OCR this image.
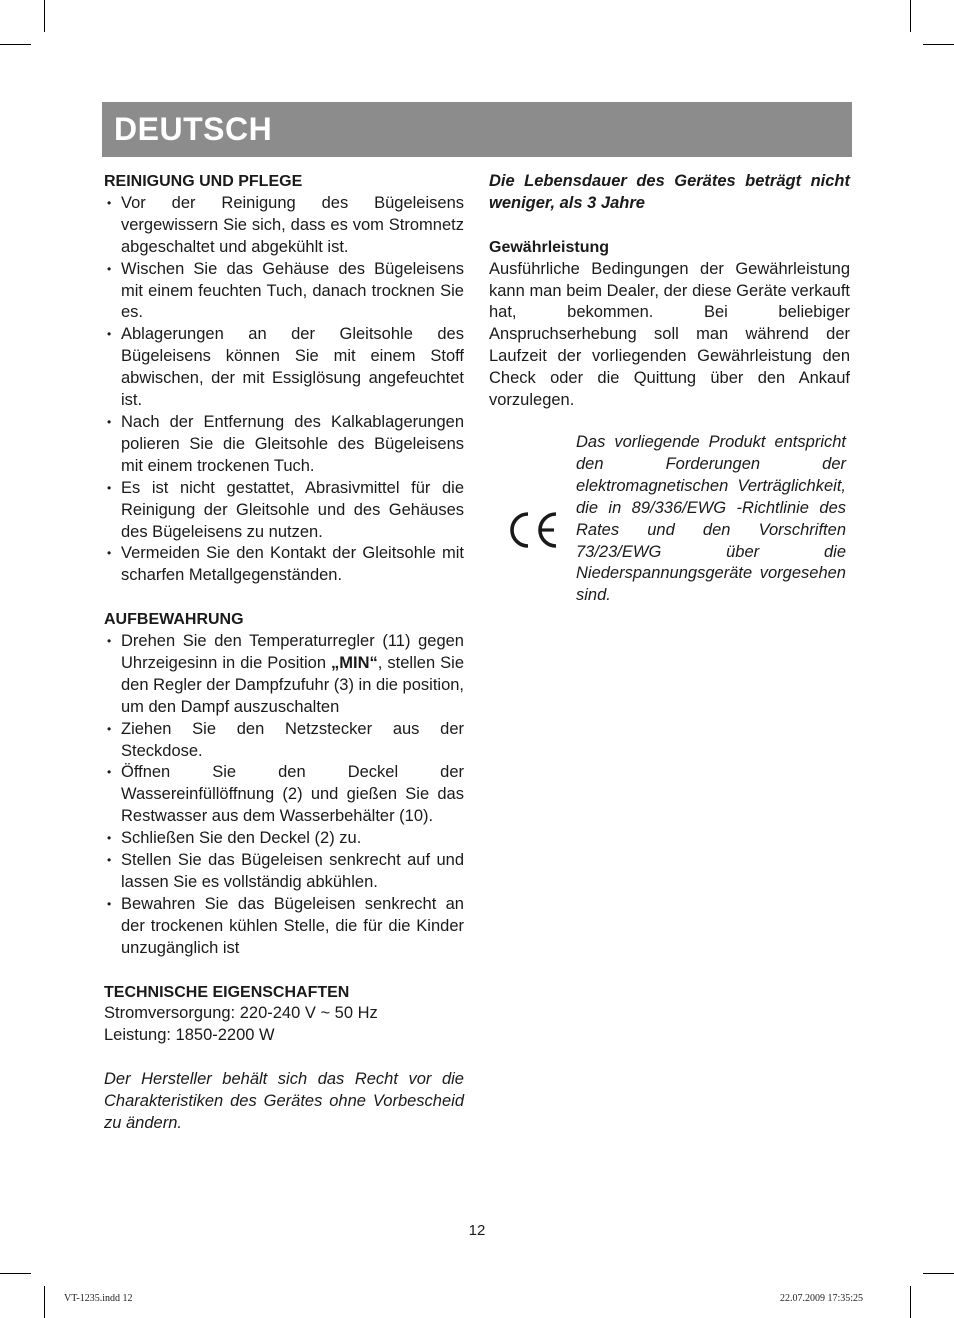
DEUTSCH
REINIGUNG UND PFLEGE
• Vor der Reinigung des Bügeleisens vergewissern Sie sich, dass es vom Stromnetz abgeschaltet und abgekühlt ist.
• Wischen Sie das Gehäuse des Bügeleisens mit einem feuchten Tuch, danach trocknen Sie es.
• Ablagerungen an der Gleitsohle des Bügeleisens können Sie mit einem Stoff abwischen, der mit Essiglösung angefeuchtet ist.
• Nach der Entfernung des Kalkablagerungen polieren Sie die Gleitsohle des Bügeleisens mit einem trockenen Tuch.
• Es ist nicht gestattet, Abrasivmittel für die Reinigung der Gleitsohle und des Gehäuses des Bügeleisens zu nutzen.
• Vermeiden Sie den Kontakt der Gleitsohle mit scharfen Metallgegenständen.
AUFBEWAHRUNG
• Drehen Sie den Temperaturregler (11) gegen Uhrzeigesinn in die Position „MIN“, stellen Sie den Regler der Dampfzufuhr (3) in die position, um den Dampf auszuschalten
• Ziehen Sie den Netzstecker aus der Steckdose.
• Öffnen Sie den Deckel der Wassereinfüllöffnung (2) und gießen Sie das Restwasser aus dem Wasserbehälter (10).
• Schließen Sie den Deckel (2) zu.
• Stellen Sie das Bügeleisen senkrecht auf und lassen Sie es vollständig abkühlen.
• Bewahren Sie das Bügeleisen senkrecht an der trockenen kühlen Stelle, die für die Kinder unzugänglich ist
TECHNISCHE EIGENSCHAFTEN

Stromversorgung: 220-240 V ~ 50 Hz

Leistung: 1850-2200 W

Der Hersteller behält sich das Recht vor die Charakteristiken des Gerätes ohne Vorbescheid zu ändern.

Die Lebensdauer des Gerätes beträgt nicht weniger, als 3 Jahre

Gewährleistung

Ausführliche Bedingungen der Gewährleistung kann man beim Dealer, der diese Geräte verkauft hat, bekommen. Bei beliebiger Anspruchserhebung soll man während der Laufzeit der vorliegenden Gewährleistung den Check oder die Quittung über den Ankauf vorzulegen.

Das vorliegende Produkt entspricht den Forderungen der elektromagnetischen Verträglichkeit, die in 89/336/EWG -Richtlinie des Rates und den Vorschriften 73/23/EWG über die Niederspannungsgeräte vorgesehen sind.

12
VT-1235.indd 12	22.07.2009 17:35:25
